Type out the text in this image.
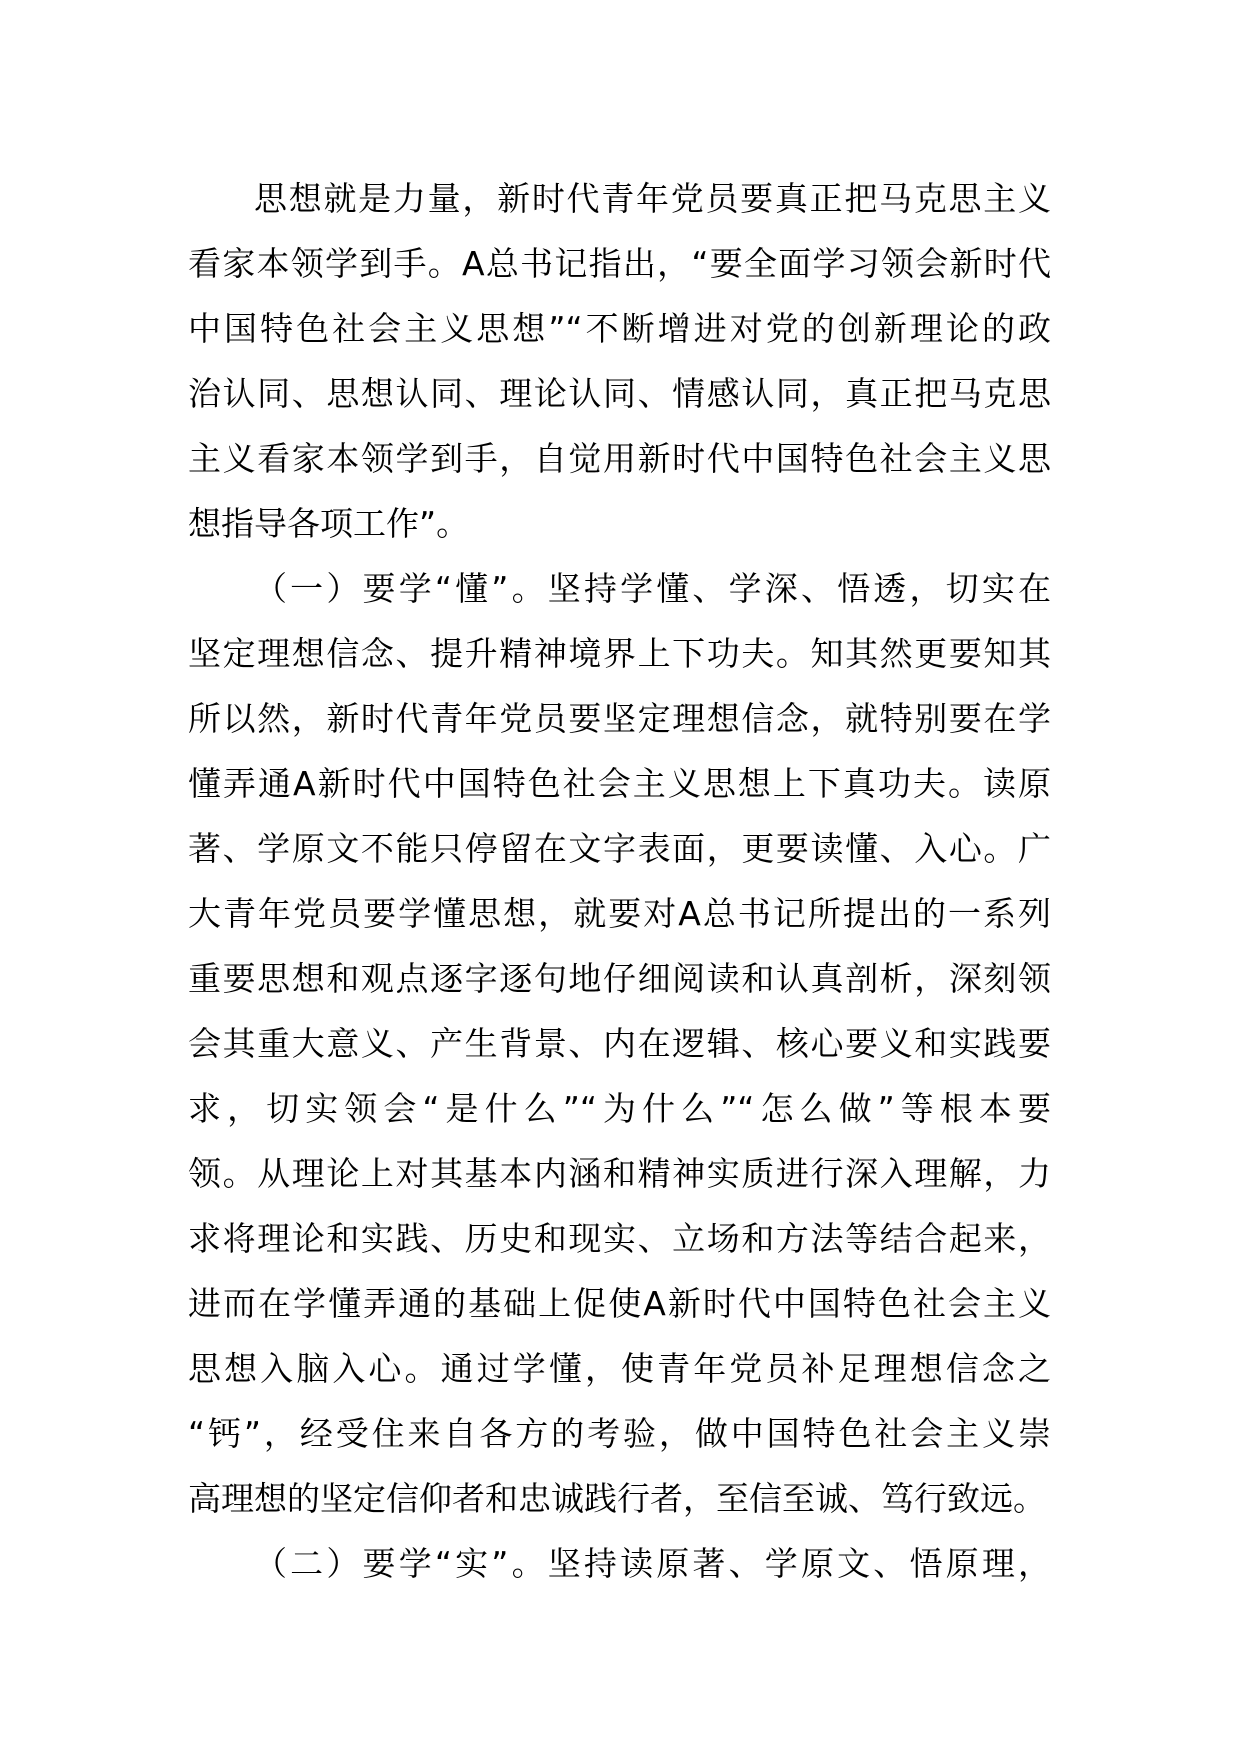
思想就是力量，新时代青年党员要真正把马克思主义
看家本领学到手。A总书记指出，“要全面学习领会新时代
中国特色社会主义思想”“不断增进对党的创新理论的政
治认同、思想认同、理论认同、情感认同，真正把马克思
主义看家本领学到手，自觉用新时代中国特色社会主义思
想指导各项工作”。
（一）要学“懂”。坚持学懂、学深、悟透，切实在
坚定理想信念、提升精神境界上下功夫。知其然更要知其
所以然，新时代青年党员要坚定理想信念，就特别要在学
懂弄通A新时代中国特色社会主义思想上下真功夫。读原
著、学原文不能只停留在文字表面，更要读懂、入心。广
大青年党员要学懂思想，就要对A总书记所提出的一系列
重要思想和观点逐字逐句地仔细阅读和认真剖析，深刻领
会其重大意义、产生背景、内在逻辑、核心要义和实践要
求，切实领会“是什么”“为什么”“怎么做”等根本要
领。从理论上对其基本内涵和精神实质进行深入理解，力
求将理论和实践、历史和现实、立场和方法等结合起来，
进而在学懂弄通的基础上促使A新时代中国特色社会主义
思想入脑入心。通过学懂，使青年党员补足理想信念之
“钙”，经受住来自各方的考验，做中国特色社会主义崇
高理想的坚定信仰者和忠诚践行者，至信至诚、笃行致远。
（二）要学“实”。坚持读原著、学原文、悟原理，
